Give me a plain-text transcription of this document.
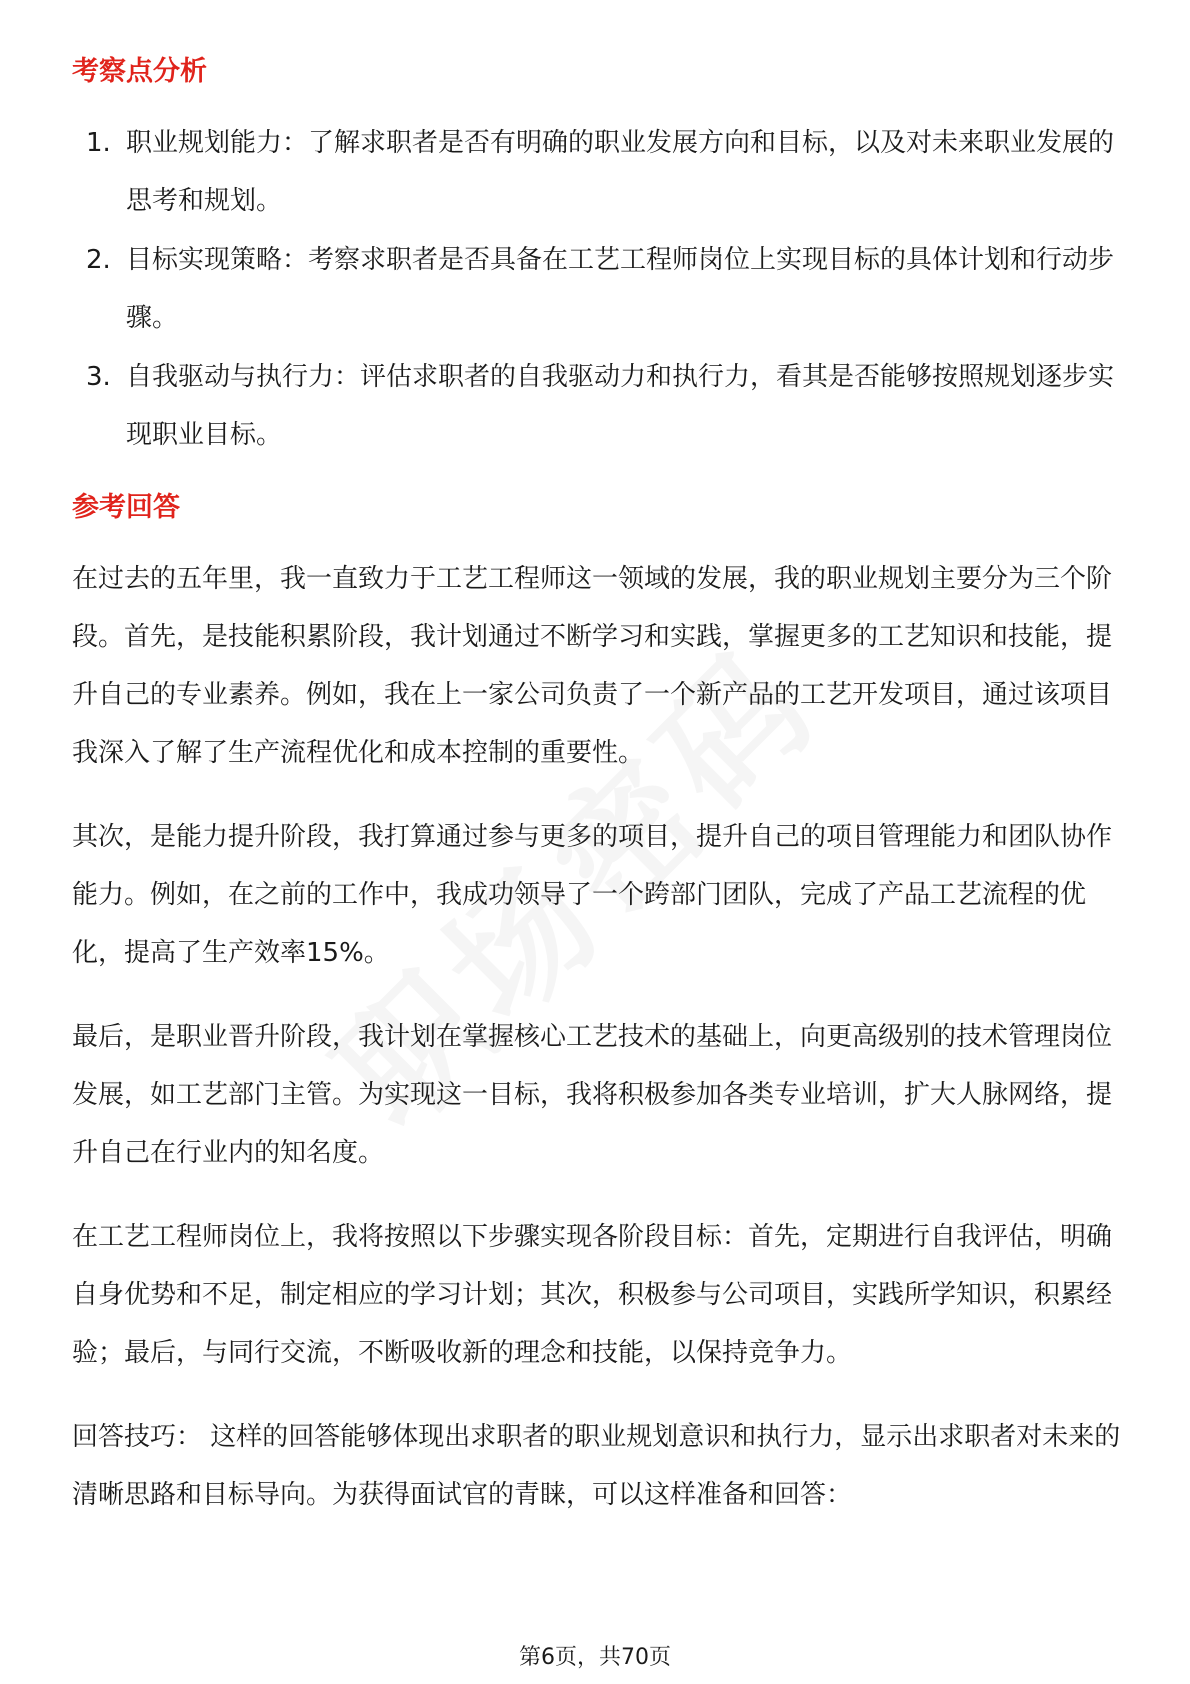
考察点分析
1. 职业规划能力：了解求职者是否有明确的职业发展方向和目标，以及对未来职业发展的思考和规划。
2. 目标实现策略：考察求职者是否具备在工艺工程师岗位上实现目标的具体计划和行动步骤。
3. 自我驱动与执行力：评估求职者的自我驱动力和执行力，看其是否能够按照规划逐步实现职业目标。
参考回答

在过去的五年里，我一直致力于工艺工程师这一领域的发展，我的职业规划主要分为三个阶段。首先，是技能积累阶段，我计划通过不断学习和实践，掌握更多的工艺知识和技能，提升自己的专业素养。例如，我在上一家公司负责了一个新产品的工艺开发项目，通过该项目我深入了解了生产流程优化和成本控制的重要性。

其次，是能力提升阶段，我打算通过参与更多的项目，提升自己的项目管理能力和团队协作能力。例如，在之前的工作中，我成功领导了一个跨部门团队，完成了产品工艺流程的优化，提高了生产效率15%。

最后，是职业晋升阶段，我计划在掌握核心工艺技术的基础上，向更高级别的技术管理岗位发展，如工艺部门主管。为实现这一目标，我将积极参加各类专业培训，扩大人脉网络，提升自己在行业内的知名度。

在工艺工程师岗位上，我将按照以下步骤实现各阶段目标：首先，定期进行自我评估，明确自身优势和不足，制定相应的学习计划；其次，积极参与公司项目，实践所学知识，积累经验；最后，与同行交流，不断吸收新的理念和技能，以保持竞争力。

回答技巧： 这样的回答能够体现出求职者的职业规划意识和执行力，显示出求职者对未来的清晰思路和目标导向。为获得面试官的青睐，可以这样准备和回答：

第6页，共70页
